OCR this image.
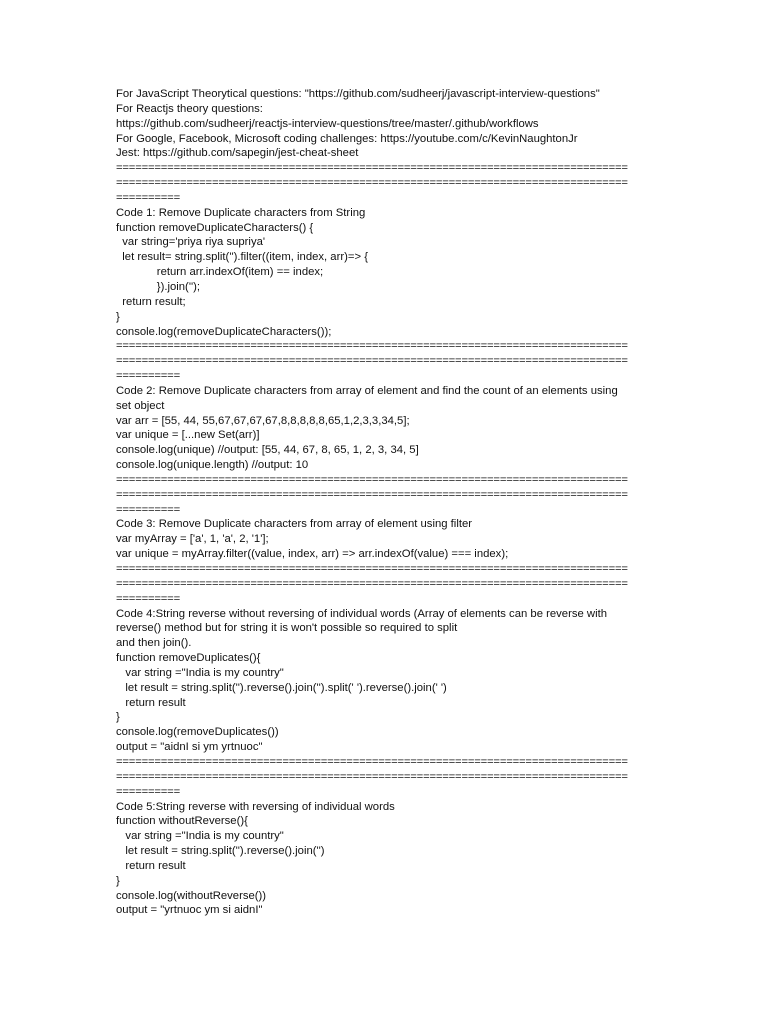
For JavaScript Theorytical questions: "https://github.com/sudheerj/javascript-interview-questions"
For Reactjs theory questions:
https://github.com/sudheerj/reactjs-interview-questions/tree/master/.github/workflows
For Google, Facebook, Microsoft coding challenges: https://youtube.com/c/KevinNaughtonJr
Jest: https://github.com/sapegin/jest-cheat-sheet
================================================================================
================================================================================
==========
Code 1: Remove Duplicate characters from String
function removeDuplicateCharacters() {
var string='priya riya supriya'
let result= string.split('').filter((item, index, arr)=> {
return arr.indexOf(item) == index;
}).join('');
return result;
}
console.log(removeDuplicateCharacters());
================================================================================
================================================================================
==========
Code 2: Remove Duplicate characters from array of element and find the count of an elements using
set object
var arr = [55, 44, 55,67,67,67,67,8,8,8,8,8,65,1,2,3,3,34,5];
var unique = [...new Set(arr)]
console.log(unique) //output: [55, 44, 67, 8, 65, 1, 2, 3, 34, 5]
console.log(unique.length) //output: 10
================================================================================
================================================================================
==========
Code 3: Remove Duplicate characters from array of element using filter
var myArray = ['a', 1, 'a', 2, '1'];
var unique = myArray.filter((value, index, arr) => arr.indexOf(value) === index);
================================================================================
================================================================================
==========
Code 4:String reverse without reversing of individual words (Array of elements can be reverse with
reverse() method but for string it is won't possible so required to split
and then join().
function removeDuplicates(){
var string ="India is my country"
let result = string.split('').reverse().join('').split(' ').reverse().join(' ')
return result
}
console.log(removeDuplicates())
output = "aidnI si ym yrtnuoc"
================================================================================
================================================================================
==========
Code 5:String reverse with reversing of individual words
function withoutReverse(){
var string ="India is my country"
let result = string.split('').reverse().join('')
return result
}
console.log(withoutReverse())
output = "yrtnuoc ym si aidnI"
